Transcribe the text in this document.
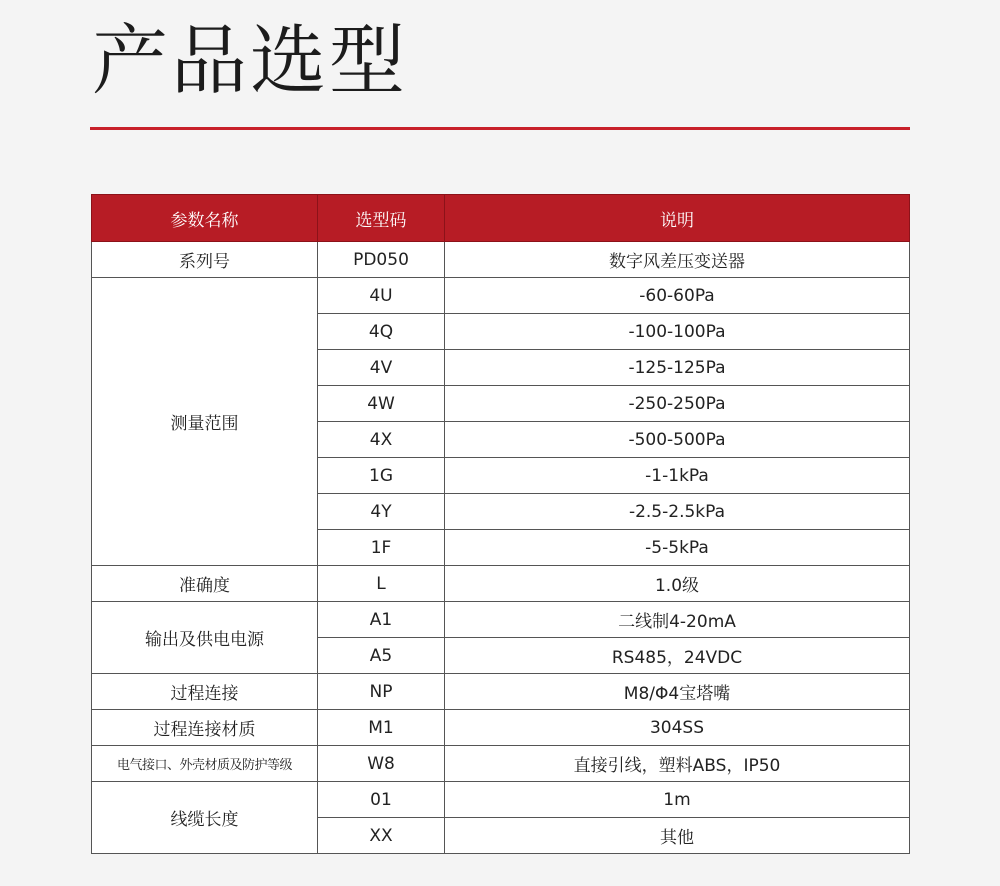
产品选型
参数名称	选型码	说明
系列号	PD050	数字风差压变送器
测量范围	4U	-60-60Pa
	4Q	-100-100Pa
	4V	-125-125Pa
	4W	-250-250Pa
	4X	-500-500Pa
	1G	-1-1kPa
	4Y	-2.5-2.5kPa
	1F	-5-5kPa
准确度	L	1.0级
输出及供电电源	A1	二线制4-20mA
	A5	RS485，24VDC
过程连接	NP	M8/Φ4宝塔嘴
过程连接材质	M1	304SS
电气接口、外壳材质及防护等级	W8	直接引线，塑料ABS，IP50
线缆长度	01	1m
	XX	其他
